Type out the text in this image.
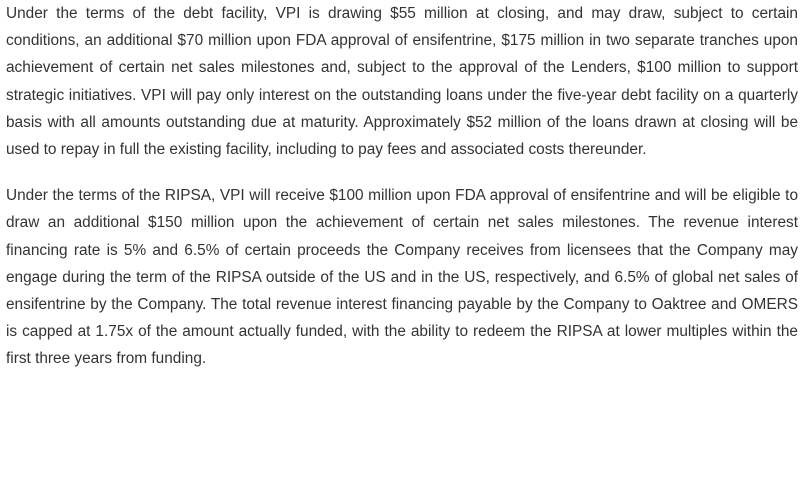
Under the terms of the debt facility, VPI is drawing $55 million at closing, and may draw, subject to certain conditions, an additional $70 million upon FDA approval of ensifentrine, $175 million in two separate tranches upon achievement of certain net sales milestones and, subject to the approval of the Lenders, $100 million to support strategic initiatives. VPI will pay only interest on the outstanding loans under the five-year debt facility on a quarterly basis with all amounts outstanding due at maturity. Approximately $52 million of the loans drawn at closing will be used to repay in full the existing facility, including to pay fees and associated costs thereunder.

Under the terms of the RIPSA, VPI will receive $100 million upon FDA approval of ensifentrine and will be eligible to draw an additional $150 million upon the achievement of certain net sales milestones. The revenue interest financing rate is 5% and 6.5% of certain proceeds the Company receives from licensees that the Company may engage during the term of the RIPSA outside of the US and in the US, respectively, and 6.5% of global net sales of ensifentrine by the Company. The total revenue interest financing payable by the Company to Oaktree and OMERS is capped at 1.75x of the amount actually funded, with the ability to redeem the RIPSA at lower multiples within the first three years from funding.
